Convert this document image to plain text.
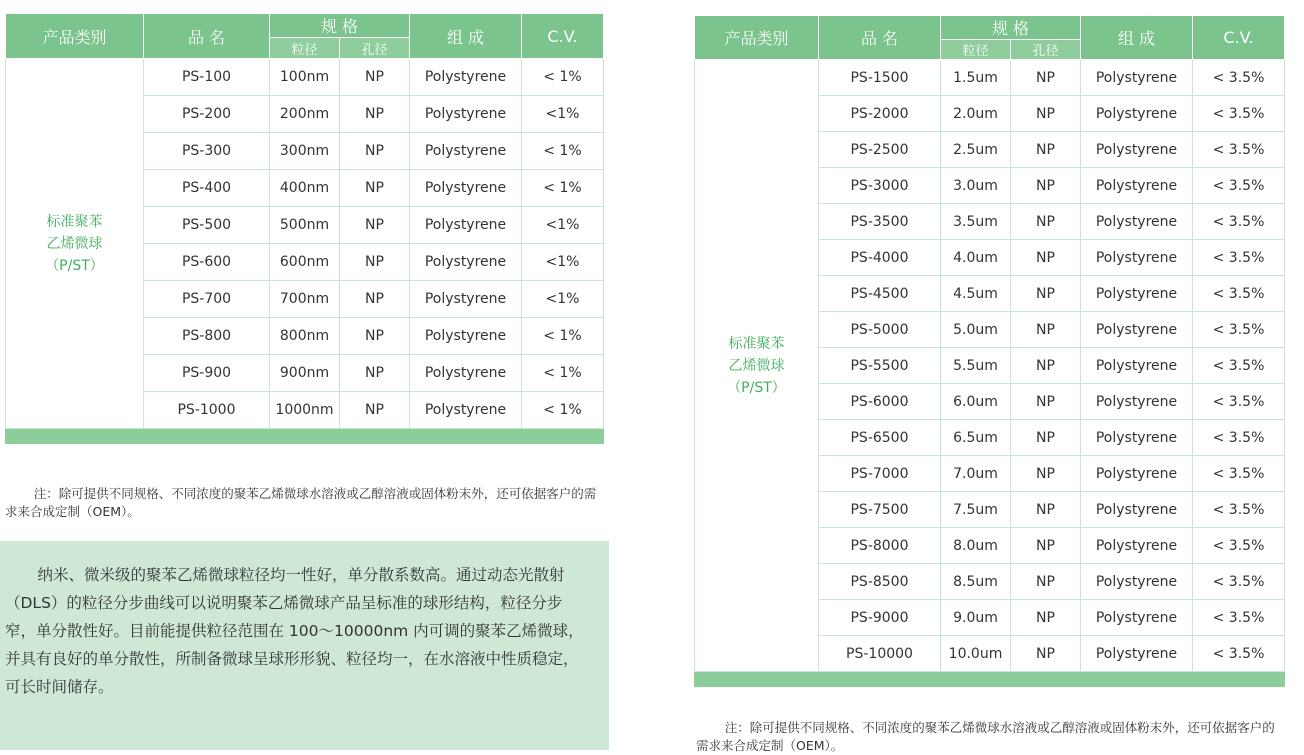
产品类别	品 名	规 格		组 成	C.V.
		粒径	孔径		

标准聚苯
乙烯微球
（P/ST）	PS-100	100nm	NP	Polystyrene	< 1%
	PS-200	200nm	NP	Polystyrene	<1%
	PS-300	300nm	NP	Polystyrene	< 1%
	PS-400	400nm	NP	Polystyrene	< 1%
	PS-500	500nm	NP	Polystyrene	<1%
	PS-600	600nm	NP	Polystyrene	<1%
	PS-700	700nm	NP	Polystyrene	<1%
	PS-800	800nm	NP	Polystyrene	< 1%
	PS-900	900nm	NP	Polystyrene	< 1%
	PS-1000	1000nm	NP	Polystyrene	< 1%

注：除可提供不同规格、不同浓度的聚苯乙烯微球水溶液或乙醇溶液或固体粉末外，还可依据客户的需求来合成定制（OEM）。

纳米、微米级的聚苯乙烯微球粒径均一性好，单分散系数高。通过动态光散射（DLS）的粒径分步曲线可以说明聚苯乙烯微球产品呈标准的球形结构，粒径分步窄，单分散性好。目前能提供粒径范围在 100～10000nm 内可调的聚苯乙烯微球，并具有良好的单分散性，所制备微球呈球形形貌、粒径均一，在水溶液中性质稳定，可长时间储存。

产品类别	品 名	规 格		组 成	C.V.
		粒径	孔径		

标准聚苯
乙烯微球
（P/ST）	PS-1500	1.5um	NP	Polystyrene	< 3.5%
	PS-2000	2.0um	NP	Polystyrene	< 3.5%
	PS-2500	2.5um	NP	Polystyrene	< 3.5%
	PS-3000	3.0um	NP	Polystyrene	< 3.5%
	PS-3500	3.5um	NP	Polystyrene	< 3.5%
	PS-4000	4.0um	NP	Polystyrene	< 3.5%
	PS-4500	4.5um	NP	Polystyrene	< 3.5%
	PS-5000	5.0um	NP	Polystyrene	< 3.5%
	PS-5500	5.5um	NP	Polystyrene	< 3.5%
	PS-6000	6.0um	NP	Polystyrene	< 3.5%
	PS-6500	6.5um	NP	Polystyrene	< 3.5%
	PS-7000	7.0um	NP	Polystyrene	< 3.5%
	PS-7500	7.5um	NP	Polystyrene	< 3.5%
	PS-8000	8.0um	NP	Polystyrene	< 3.5%
	PS-8500	8.5um	NP	Polystyrene	< 3.5%
	PS-9000	9.0um	NP	Polystyrene	< 3.5%
	PS-10000	10.0um	NP	Polystyrene	< 3.5%

注：除可提供不同规格、不同浓度的聚苯乙烯微球水溶液或乙醇溶液或固体粉末外，还可依据客户的需求来合成定制（OEM）。
